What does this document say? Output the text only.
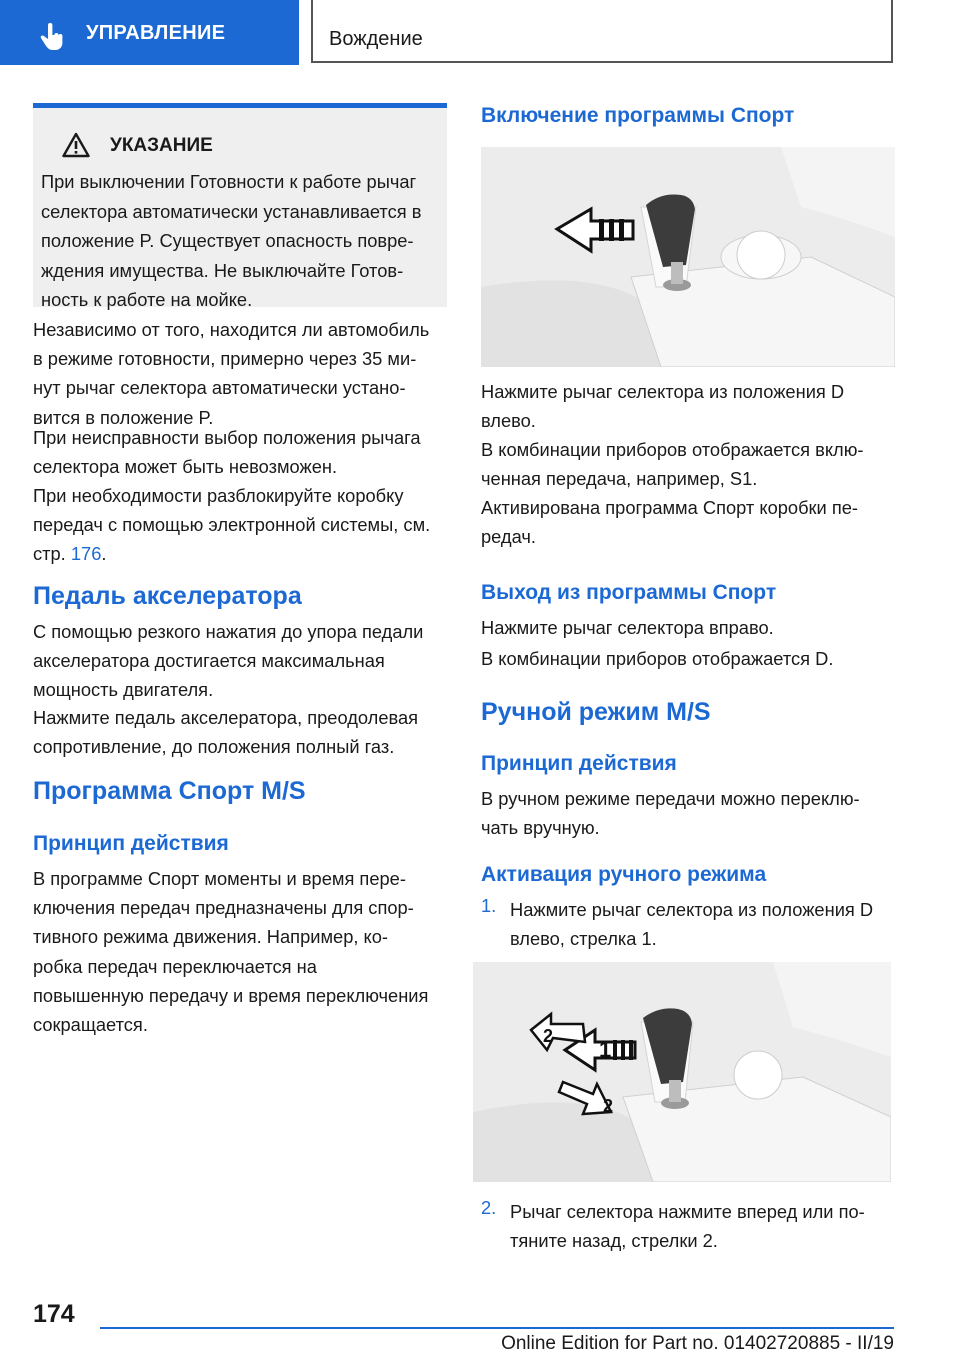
УПРАВЛЕНИЕ	Вождение
УКАЗАНИЕ
При выключении Готовности к работе рычаг
селектора автоматически устанавливается в
положение P. Существует опасность повре-
ждения имущества. Не выключайте Готов-
ность к работе на мойке.
Независимо от того, находится ли автомобиль
в режиме готовности, примерно через 35 ми-
нут рычаг селектора автоматически устано-
вится в положение P.
При неисправности выбор положения рычага
селектора может быть невозможен.
При необходимости разблокируйте коробку
передач с помощью электронной системы, см.
стр. 176.
Педаль акселератора
С помощью резкого нажатия до упора педали
акселератора достигается максимальная
мощность двигателя.
Нажмите педаль акселератора, преодолевая
сопротивление, до положения полный газ.
Программа Спорт M/S
Принцип действия
В программе Спорт моменты и время пере-
ключения передач предназначены для спор-
тивного режима движения. Например, ко-
робка передач переключается на
повышенную передачу и время переключения
сокращается.
Включение программы Спорт
Нажмите рычаг селектора из положения D
влево.
В комбинации приборов отображается вклю-
ченная передача, например, S1.
Активирована программа Спорт коробки пе-
редач.
Выход из программы Спорт
Нажмите рычаг селектора вправо.
В комбинации приборов отображается D.
Ручной режим M/S
Принцип действия
В ручном режиме передачи можно переклю-
чать вручную.
Активация ручного режима
1. Нажмите рычаг селектора из положения D
влево, стрелка 1.
1
2
2
2. Рычаг селектора нажмите вперед или по-
тяните назад, стрелки 2.
174
Online Edition for Part no. 01402720885 - II/19
